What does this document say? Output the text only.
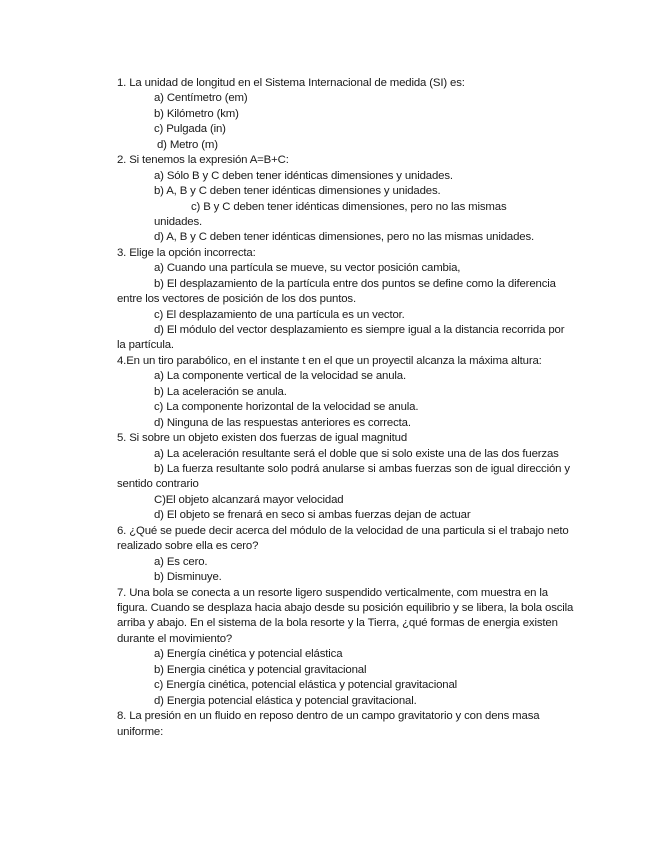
1. La unidad de longitud en el Sistema Internacional de medida (SI) es:
a) Centímetro (em)
b) Kilómetro (km)
c) Pulgada (in)
d) Metro (m)
2. Si tenemos la expresión A=B+C:
a) Sólo B y C deben tener idénticas dimensiones y unidades.
b) A, B y C deben tener idénticas dimensiones y unidades.
c) B y C deben tener idénticas dimensiones, pero no las mismas
unidades.
d) A, B y C deben tener idénticas dimensiones, pero no las mismas unidades.
3. Elige la opción incorrecta:
a) Cuando una partícula se mueve, su vector posición cambia,
b) El desplazamiento de la partícula entre dos puntos se define como la diferencia entre los vectores de posición de los dos puntos.
c) El desplazamiento de una partícula es un vector.
d) El módulo del vector desplazamiento es siempre igual a la distancia recorrida por la partícula.
4.En un tiro parabólico, en el instante t en el que un proyectil alcanza la máxima altura:
a) La componente vertical de la velocidad se anula.
b) La aceleración se anula.
c) La componente horizontal de la velocidad se anula.
d) Ninguna de las respuestas anteriores es correcta.
5. Si sobre un objeto existen dos fuerzas de igual magnitud
a) La aceleración resultante será el doble que si solo existe una de las dos fuerzas
b) La fuerza resultante solo podrá anularse si ambas fuerzas son de igual dirección y sentido contrario
C)El objeto alcanzará mayor velocidad
d) El objeto se frenará en seco si ambas fuerzas dejan de actuar
6. ¿Qué se puede decir acerca del módulo de la velocidad de una particula si el trabajo neto realizado sobre ella es cero?
a) Es cero.
b) Disminuye.
7. Una bola se conecta a un resorte ligero suspendido verticalmente, com muestra en la figura. Cuando se desplaza hacia abajo desde su posición equilibrio y se libera, la bola oscila arriba y abajo. En el sistema de la bola resorte y la Tierra, ¿qué formas de energia existen durante el movimiento?
a) Energía cinética y potencial elástica
b) Energia cinética y potencial gravitacional
c) Energía cinética, potencial elástica y potencial gravitacional
d) Energia potencial elástica y potencial gravitacional.
8. La presión en un fluido en reposo dentro de un campo gravitatorio y con dens masa uniforme:
